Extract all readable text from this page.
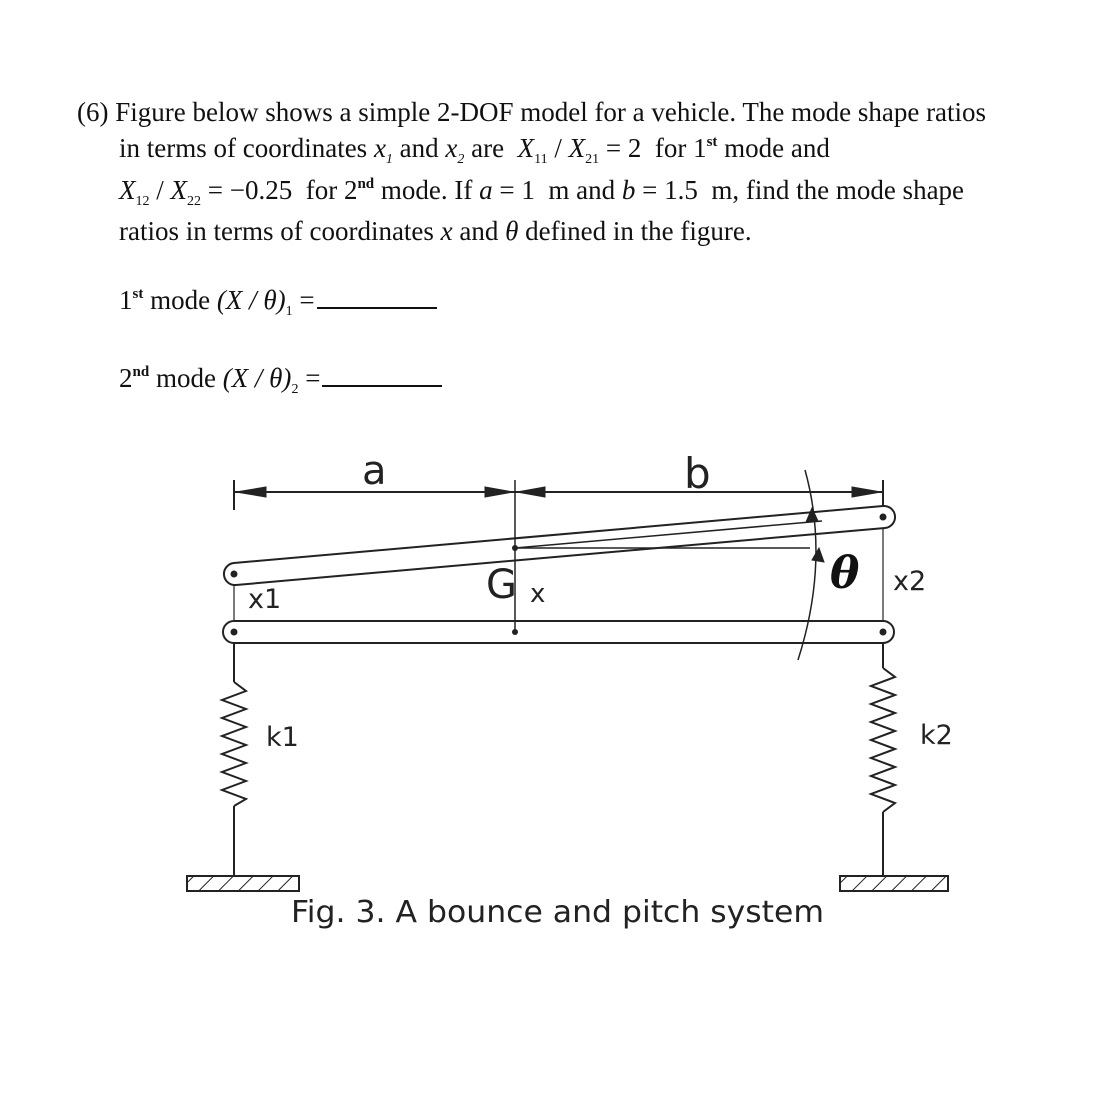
(6) Figure below shows a simple 2-DOF model for a vehicle. The mode shape ratios
in terms of coordinates $x_1$ and $x_2$ are $X_{11} / X_{21} = 2$ for 1st mode and
$X_{12} / X_{22} = -0.25$ for 2nd mode. If a = 1 m and b = 1.5 m, find the mode shape
ratios in terms of coordinates x and θ defined in the figure.
1st mode $(X / \theta)_1$ =
2nd mode $(X / \theta)_2$ =
a	b
G x	θ
x1
x2
k1	k2
Fig. 3. A bounce and pitch system
